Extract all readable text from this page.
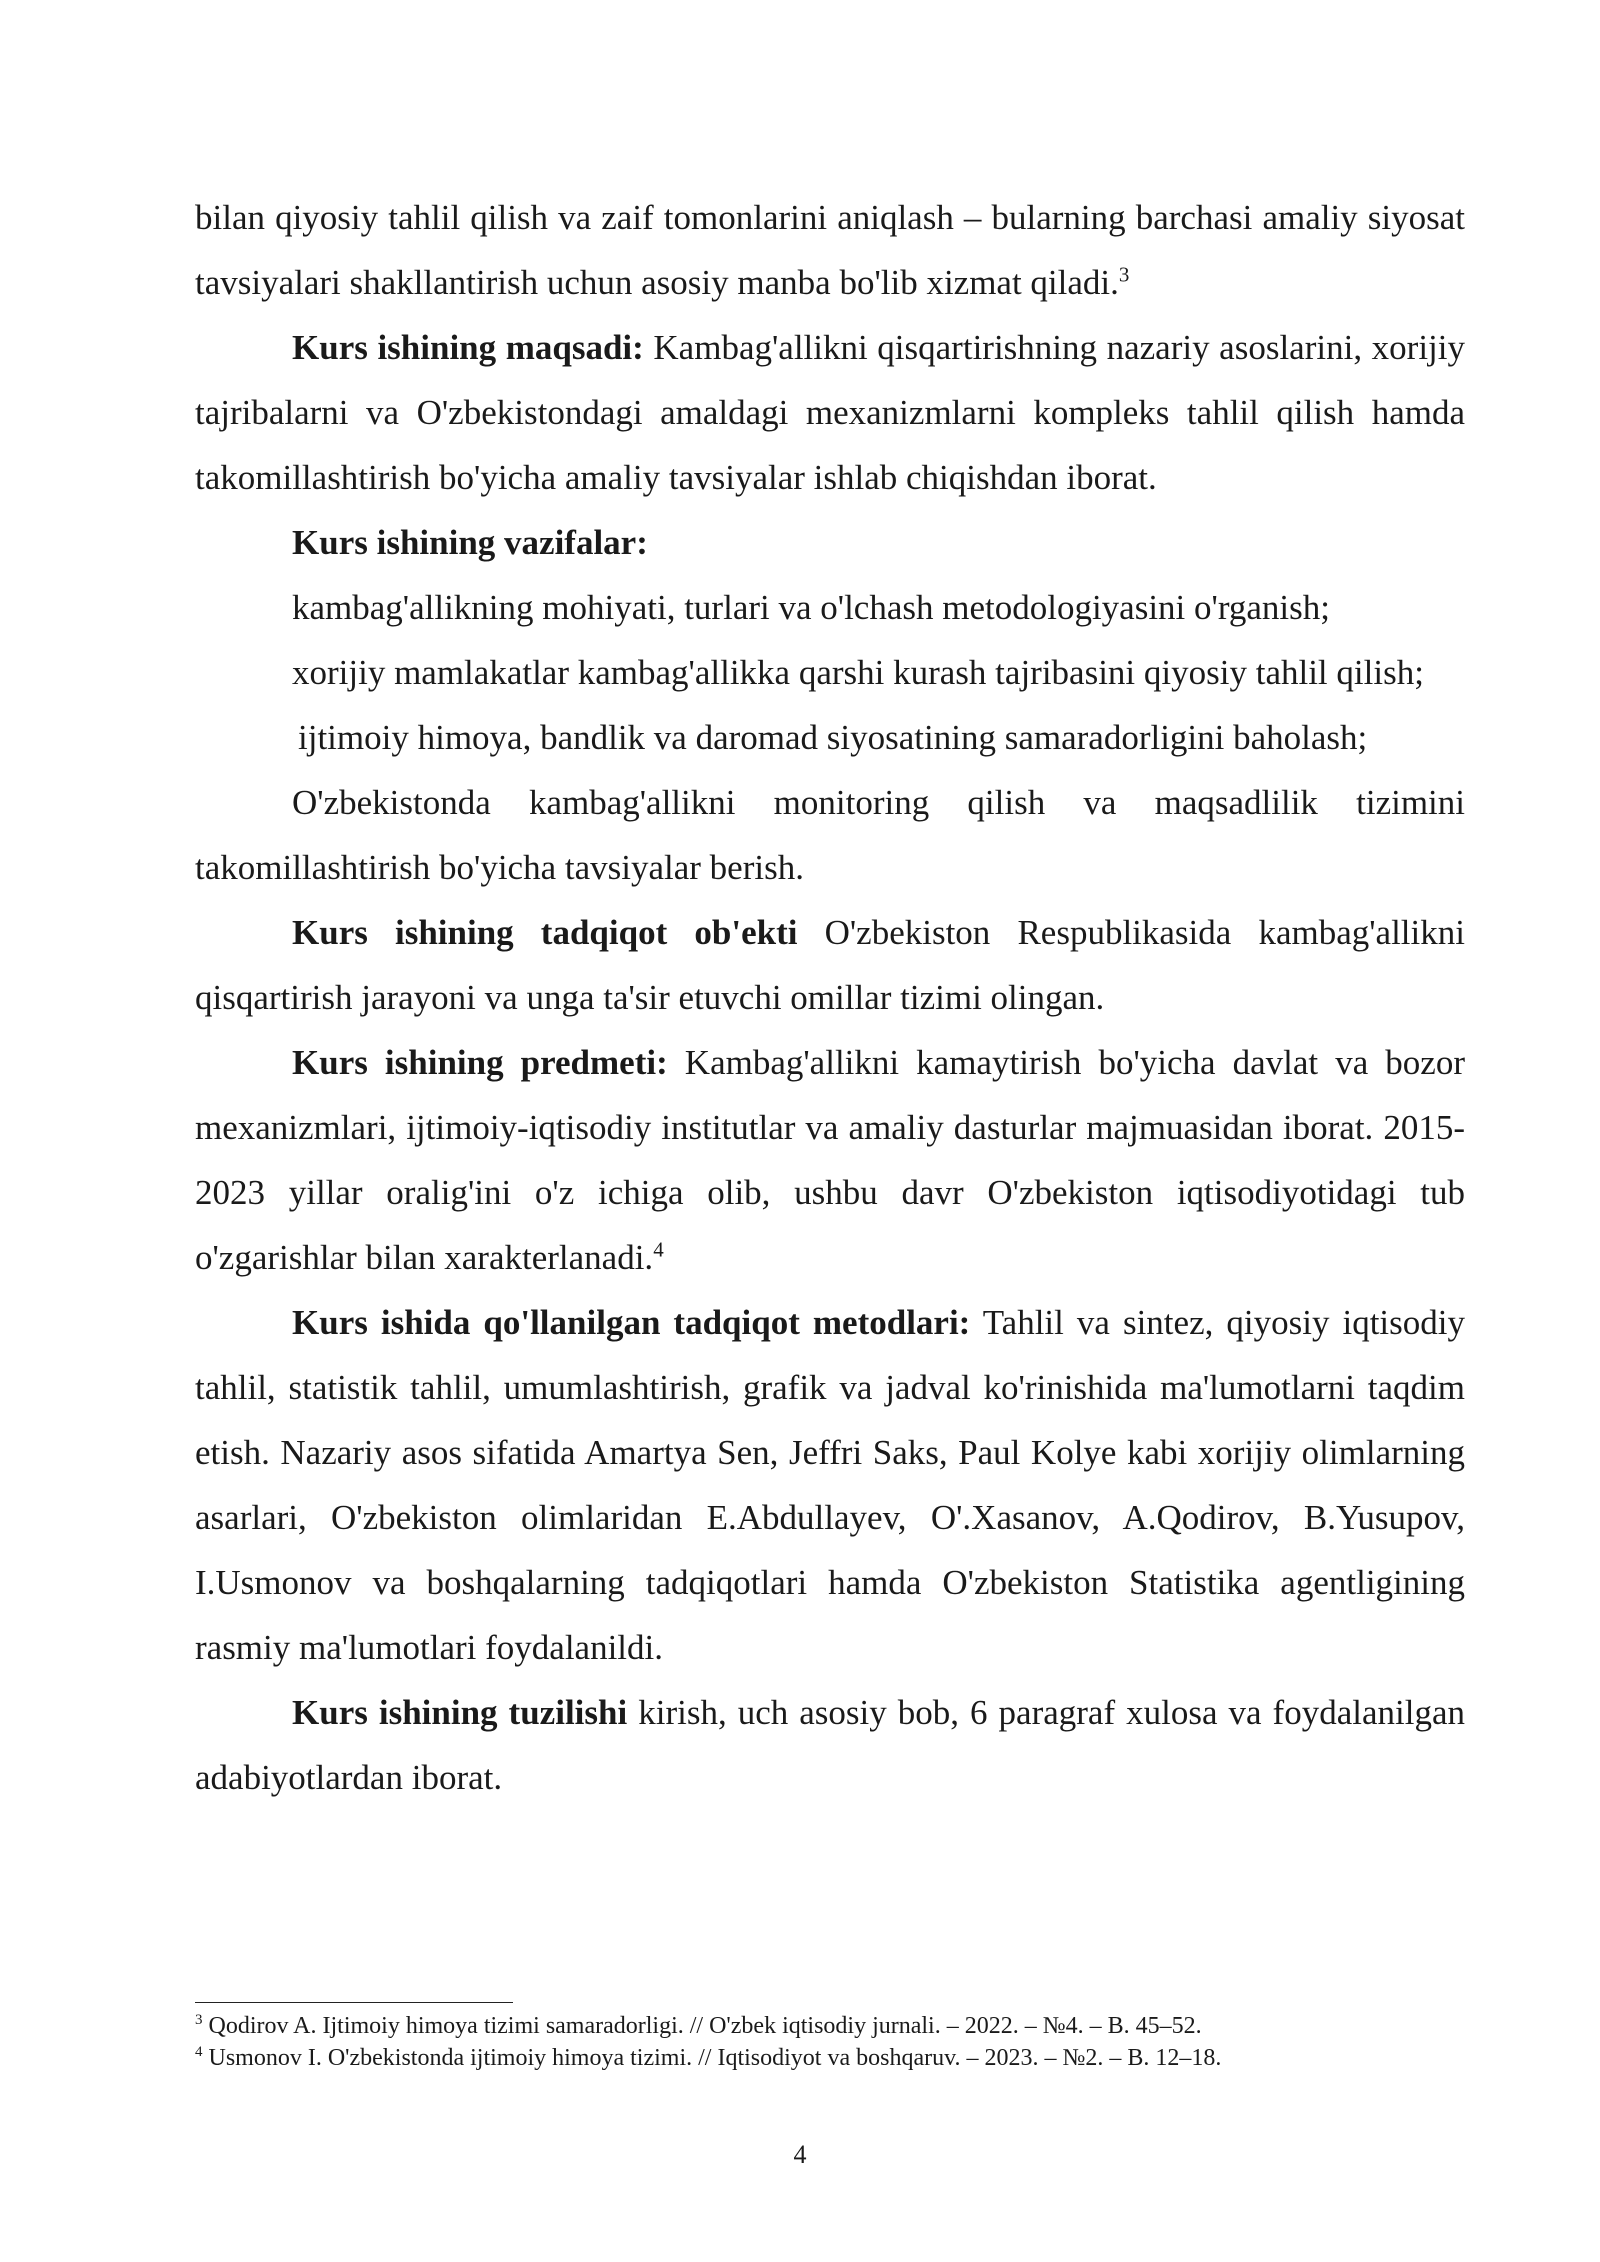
bilan qiyosiy tahlil qilish va zaif tomonlarini aniqlash – bularning barchasi amaliy siyosat tavsiyalari shakllantirish uchun asosiy manba bo'lib xizmat qiladi.$^3$

Kurs ishining maqsadi: Kambag'allikni qisqartirishning nazariy asoslarini, xorijiy tajribalarni va O'zbekistondagi amaldagi mexanizmlarni kompleks tahlil qilish hamda takomillashtirish bo'yicha amaliy tavsiyalar ishlab chiqishdan iborat.

Kurs ishining vazifalar:

kambag'allikning mohiyati, turlari va o'lchash metodologiyasini o'rganish;

xorijiy mamlakatlar kambag'allikka qarshi kurash tajribasini qiyosiy tahlil qilish;

ijtimoiy himoya, bandlik va daromad siyosatining samaradorligini baholash;

O'zbekistonda kambag'allikni monitoring qilish va maqsadlilik tizimini takomillashtirish bo'yicha tavsiyalar berish.

Kurs ishining tadqiqot ob'ekti O'zbekiston Respublikasida kambag'allikni qisqartirish jarayoni va unga ta'sir etuvchi omillar tizimi olingan.

Kurs ishining predmeti: Kambag'allikni kamaytirish bo'yicha davlat va bozor mexanizmlari, ijtimoiy-iqtisodiy institutlar va amaliy dasturlar majmuasidan iborat. 2015-2023 yillar oralig'ini o'z ichiga olib, ushbu davr O'zbekiston iqtisodiyotidagi tub o'zgarishlar bilan xarakterlanadi.$^4$

Kurs ishida qo'llanilgan tadqiqot metodlari: Tahlil va sintez, qiyosiy iqtisodiy tahlil, statistik tahlil, umumlashtirish, grafik va jadval ko'rinishida ma'lumotlarni taqdim etish. Nazariy asos sifatida Amartya Sen, Jeffri Saks, Paul Kolye kabi xorijiy olimlarning asarlari, O'zbekiston olimlaridan E.Abdullayev, O'.Xasanov, A.Qodirov, B.Yusupov, I.Usmonov va boshqalarning tadqiqotlari hamda O'zbekiston Statistika agentligining rasmiy ma'lumotlari foydalanildi.

Kurs ishining tuzilishi kirish, uch asosiy bob, 6 paragraf xulosa va foydalanilgan adabiyotlardan iborat.

$^3$ Qodirov A. Ijtimoiy himoya tizimi samaradorligi. // O'zbek iqtisodiy jurnali. – 2022. – №4. – B. 45–52.

$^4$ Usmonov I. O'zbekistonda ijtimoiy himoya tizimi. // Iqtisodiyot va boshqaruv. – 2023. – №2. – B. 12–18.

4
